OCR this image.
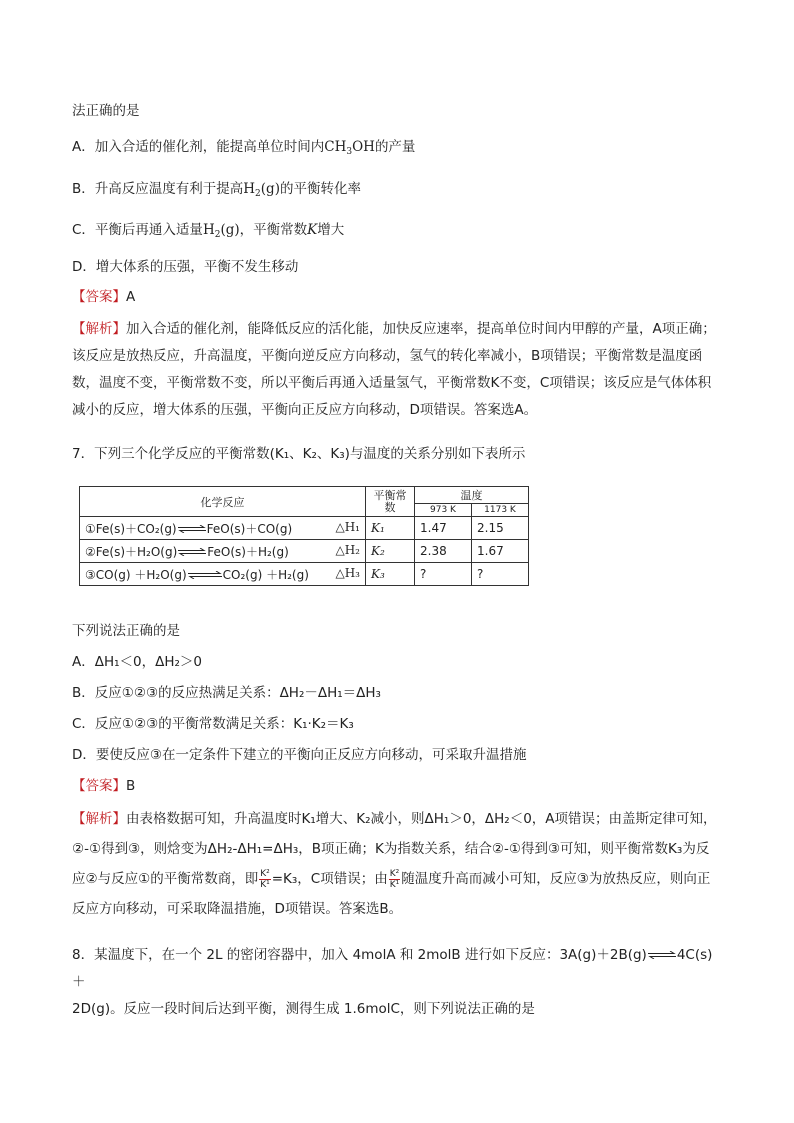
法正确的是
A．加入合适的催化剂，能提高单位时间内$CH_3OH$的产量
B．升高反应温度有利于提高$H_2(g)$的平衡转化率
C．平衡后再通入适量$H_2(g)$，平衡常数K增大
D．增大体系的压强，平衡不发生移动
【答案】A
【解析】加入合适的催化剂，能降低反应的活化能，加快反应速率，提高单位时间内甲醇的产量，A项正确；该反应是放热反应，升高温度，平衡向逆反应方向移动，氢气的转化率减小，B项错误；平衡常数是温度函数，温度不变，平衡常数不变，所以平衡后再通入适量氢气，平衡常数K不变，C项错误；该反应是气体体积减小的反应，增大体系的压强，平衡向正反应方向移动，D项错误。答案选A。
7．下列三个化学反应的平衡常数(K₁、K₂、K₃)与温度的关系分别如下表所示
化学反应	平衡常数	温度	
		973 K	1173 K
①Fe(s)＋CO₂(g)⇌FeO(s)＋CO(g) △H₁	K₁	1.47	2.15
②Fe(s)＋H₂O(g)⇌FeO(s)＋H₂(g) △H₂	K₂	2.38	1.67
③CO(g) ＋H₂O(g)⇌CO₂(g) ＋H₂(g) △H₃	K₃	?	?
下列说法正确的是
A．ΔH₁＜0，ΔH₂＞0
B．反应①②③的反应热满足关系：ΔH₂－ΔH₁＝ΔH₃
C．反应①②③的平衡常数满足关系：K₁·K₂＝K₃
D．要使反应③在一定条件下建立的平衡向正反应方向移动，可采取升温措施
【答案】B
【解析】由表格数据可知，升高温度时K₁增大、K₂减小，则ΔH₁＞0，ΔH₂＜0，A项错误；由盖斯定律可知，②-①得到③，则焓变为ΔH₂-ΔH₁=ΔH₃，B项正确；K为指数关系，结合②-①得到③可知，则平衡常数K₃为反应②与反应①的平衡常数商，即 $\frac{\text{K²}}{\text{K¹}} =K_3$，C项错误；由 $\frac{\text{K²}}{\text{K¹}}$ 随温度升高而减小可知，反应③为放热反应，则向正反应方向移动，可采取降温措施，D项错误。答案选B。
8．某温度下，在一个 2L 的密闭容器中，加入 4molA 和 2molB 进行如下反应：3A(g)＋2B(g)⇌4C(s)＋
2D(g)。反应一段时间后达到平衡，测得生成 1.6molC，则下列说法正确的是
